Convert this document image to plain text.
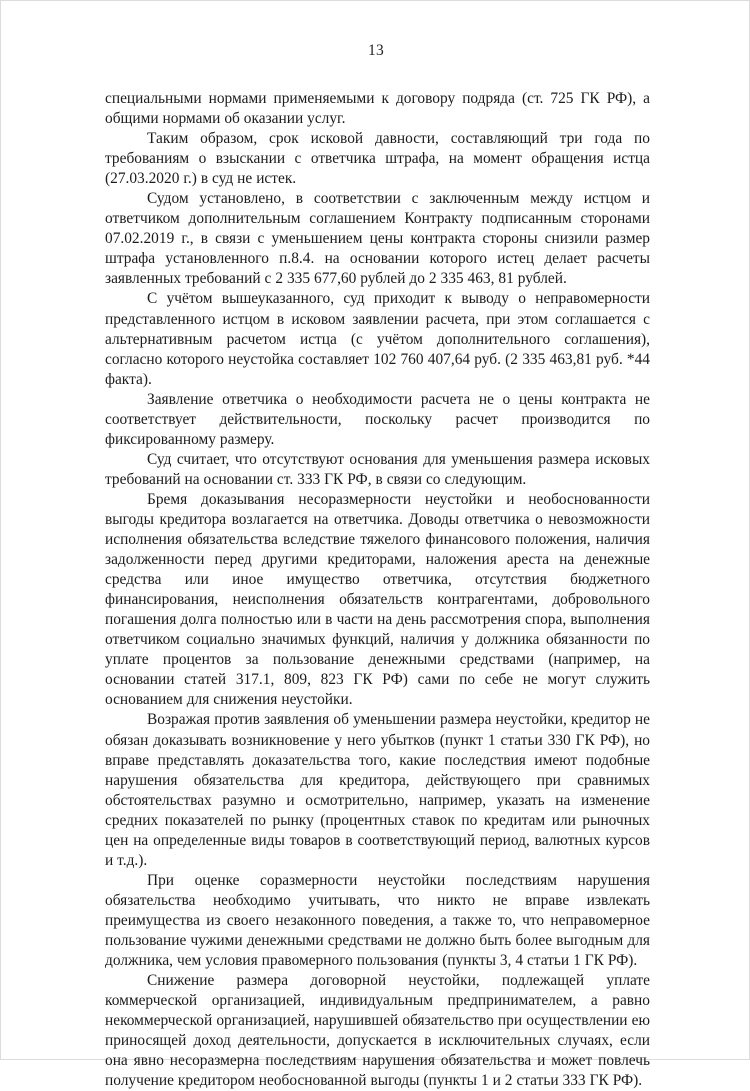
13

специальными нормами применяемыми к договору подряда (ст. 725 ГК РФ), а общими нормами об оказании услуг.

Таким образом, срок исковой давности, составляющий три года по требованиям о взыскании с ответчика штрафа, на момент обращения истца (27.03.2020 г.) в суд не истек.

Судом установлено, в соответствии с заключенным между истцом и ответчиком дополнительным соглашением Контракту подписанным сторонами 07.02.2019 г., в связи с уменьшением цены контракта стороны снизили размер штрафа установленного п.8.4. на основании которого истец делает расчеты заявленных требований с 2 335 677,60 рублей до 2 335 463, 81 рублей.

С учётом вышеуказанного, суд приходит к выводу о неправомерности представленного истцом в исковом заявлении расчета, при этом соглашается с альтернативным расчетом истца (с учётом дополнительного соглашения), согласно которого неустойка составляет 102 760 407,64 руб. (2 335 463,81 руб. *44 факта).

Заявление ответчика о необходимости расчета не о цены контракта не соответствует действительности, поскольку расчет производится по фиксированному размеру.

Суд считает, что отсутствуют основания для уменьшения размера исковых требований на основании ст. 333 ГК РФ, в связи со следующим.

Бремя доказывания несоразмерности неустойки и необоснованности выгоды кредитора возлагается на ответчика. Доводы ответчика о невозможности исполнения обязательства вследствие тяжелого финансового положения, наличия задолженности перед другими кредиторами, наложения ареста на денежные средства или иное имущество ответчика, отсутствия бюджетного финансирования, неисполнения обязательств контрагентами, добровольного погашения долга полностью или в части на день рассмотрения спора, выполнения ответчиком социально значимых функций, наличия у должника обязанности по уплате процентов за пользование денежными средствами (например, на основании статей 317.1, 809, 823 ГК РФ) сами по себе не могут служить основанием для снижения неустойки.

Возражая против заявления об уменьшении размера неустойки, кредитор не обязан доказывать возникновение у него убытков (пункт 1 статьи 330 ГК РФ), но вправе представлять доказательства того, какие последствия имеют подобные нарушения обязательства для кредитора, действующего при сравнимых обстоятельствах разумно и осмотрительно, например, указать на изменение средних показателей по рынку (процентных ставок по кредитам или рыночных цен на определенные виды товаров в соответствующий период, валютных курсов и т.д.).

При оценке соразмерности неустойки последствиям нарушения обязательства необходимо учитывать, что никто не вправе извлекать преимущества из своего незаконного поведения, а также то, что неправомерное пользование чужими денежными средствами не должно быть более выгодным для должника, чем условия правомерного пользования (пункты 3, 4 статьи 1 ГК РФ).

Снижение размера договорной неустойки, подлежащей уплате коммерческой организацией, индивидуальным предпринимателем, а равно некоммерческой организацией, нарушившей обязательство при осуществлении ею приносящей доход деятельности, допускается в исключительных случаях, если она явно несоразмерна последствиям нарушения обязательства и может повлечь получение кредитором необоснованной выгоды (пункты 1 и 2 статьи 333 ГК РФ).
